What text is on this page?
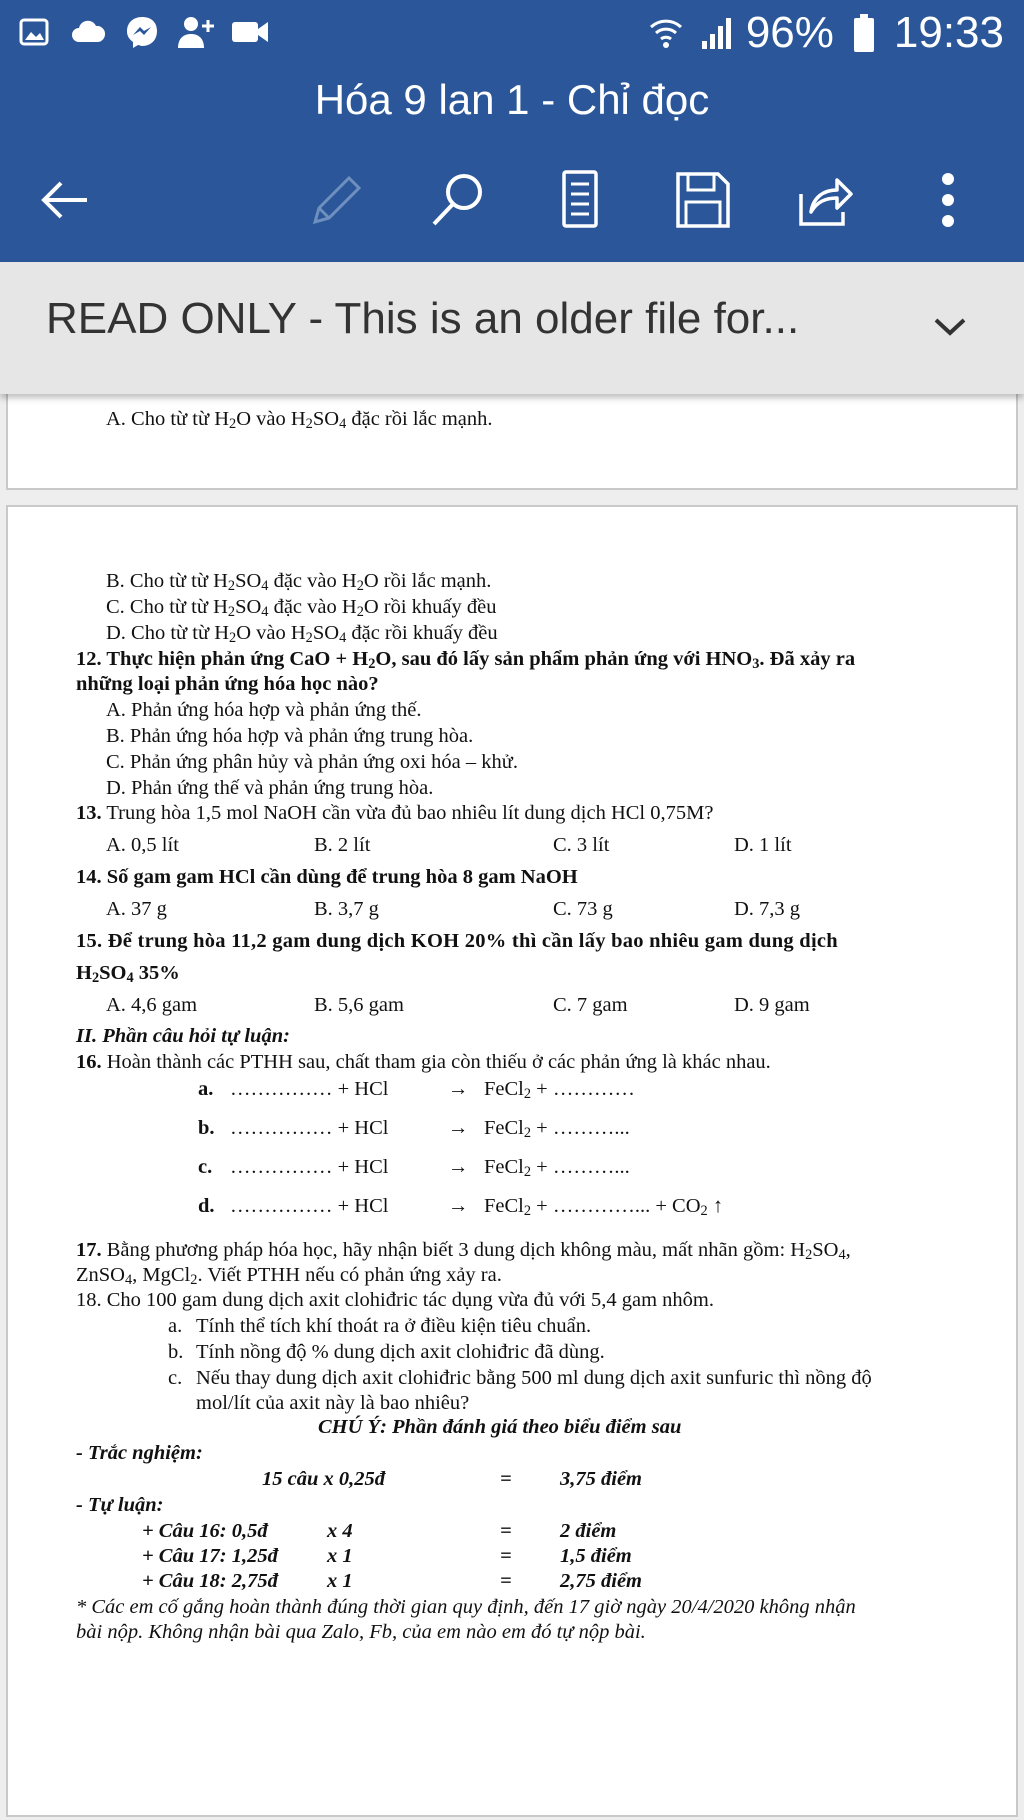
96% 19:33
Hóa 9 lan 1 - Chỉ đọc
READ ONLY - This is an older file for...
A. Cho từ từ $H_2O$ vào $H_2SO_4$ đặc rồi lắc mạnh.
B. Cho từ từ $H_2SO_4$ đặc vào $H_2O$ rồi lắc mạnh.
C. Cho từ từ $H_2SO_4$ đặc vào $H_2O$ rồi khuấy đều
D. Cho từ từ $H_2O$ vào $H_2SO_4$ đặc rồi khuấy đều
12. Thực hiện phản ứng CaO + $H_2O$, sau đó lấy sản phẩm phản ứng với $HNO_3$. Đã xảy ra
những loại phản ứng hóa học nào?
A. Phản ứng hóa hợp và phản ứng thế.
B. Phản ứng hóa hợp và phản ứng trung hòa.
C. Phản ứng phân hủy và phản ứng oxi hóa – khử.
D. Phản ứng thế và phản ứng trung hòa.
13. Trung hòa 1,5 mol NaOH cần vừa đủ bao nhiêu lít dung dịch HCl 0,75M?
A. 0,5 lít	B. 2 lít	C. 3 lít	D. 1 lít
14. Số gam gam HCl cần dùng để trung hòa 8 gam NaOH
A. 37 g	B. 3,7 g	C. 73 g	D. 7,3 g
15. Để trung hòa 11,2 gam dung dịch KOH 20% thì cần lấy bao nhiêu gam dung dịch
$H_2SO_4$ 35%
A. 4,6 gam	B. 5,6 gam	C. 7 gam	D. 9 gam
II. Phần câu hỏi tự luận:
16. Hoàn thành các PTHH sau, chất tham gia còn thiếu ở các phản ứng là khác nhau.
a. …………… + HCl	→ FeCl$_2$ + …………
b. …………… + HCl	→ FeCl$_2$ + ………...
c. …………… + HCl	→ FeCl$_2$ + ………...
d. …………… + HCl	→ FeCl$_2$ + …………... + $CO_2$ ↑
17. Bằng phương pháp hóa học, hãy nhận biết 3 dung dịch không màu, mất nhãn gồm: $H_2SO_4$,
ZnSO$_4$, MgCl$_2$. Viết PTHH nếu có phản ứng xảy ra.
18. Cho 100 gam dung dịch axit clohiđric tác dụng vừa đủ với 5,4 gam nhôm.
a. Tính thể tích khí thoát ra ở điều kiện tiêu chuẩn.
b. Tính nồng độ % dung dịch axit clohiđric đã dùng.
c. Nếu thay dung dịch axit clohiđric bằng 500 ml dung dịch axit sunfuric thì nồng độ
mol/lít của axit này là bao nhiêu?
CHÚ Ý: Phần đánh giá theo biểu điểm sau
- Trắc nghiệm:
15 câu x 0,25đ	= 3,75 điểm
- Tự luận:
+ Câu 16: 0,5đ	x 4	= 2 điểm
+ Câu 17: 1,25đ x 1	= 1,5 điểm
+ Câu 18: 2,75đ x 1	= 2,75 điểm
* Các em cố gắng hoàn thành đúng thời gian quy định, đến 17 giờ ngày 20/4/2020 không nhận
bài nộp. Không nhận bài qua Zalo, Fb, của em nào em đó tự nộp bài.
